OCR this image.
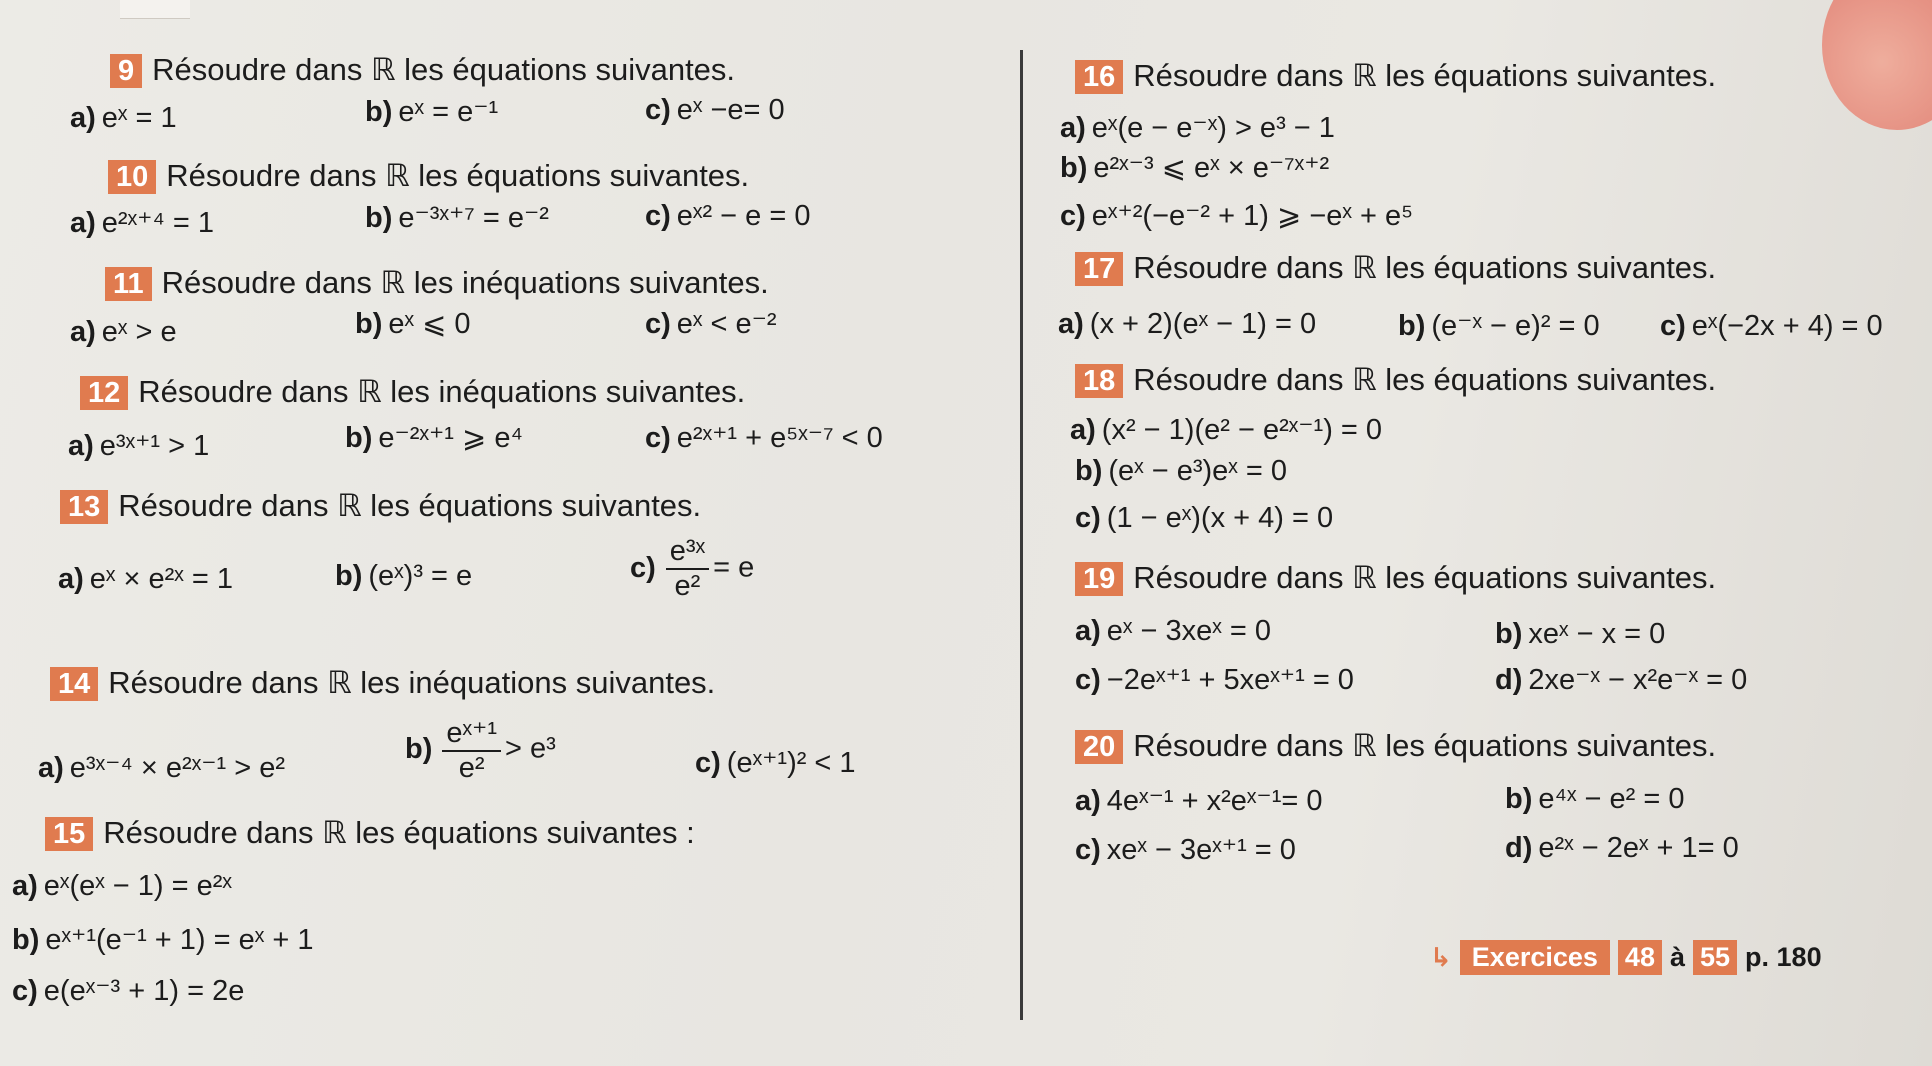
9 Résoudre dans ℝ les équations suivantes.
a) eˣ = 1	b) eˣ = e⁻¹	c) eˣ −e= 0
10 Résoudre dans ℝ les équations suivantes.
a) e²ˣ⁺⁴ = 1	b) e⁻³ˣ⁺⁷ = e⁻²	c) eˣ² − e = 0
11 Résoudre dans ℝ les inéquations suivantes.
a) eˣ > e	b) eˣ ⩽ 0	c) eˣ < e⁻²
12 Résoudre dans ℝ les inéquations suivantes.
a) e³ˣ⁺¹ > 1	b) e⁻²ˣ⁺¹ ⩾ e⁴	c) e²ˣ⁺¹ + e⁵ˣ⁻⁷ < 0
13 Résoudre dans ℝ les équations suivantes.
a) eˣ × e²ˣ = 1	b) (eˣ)³ = e	$c) \frac{\text{e³ˣ}}{\text{e²}} = e$
14 Résoudre dans ℝ les inéquations suivantes.
a) e³ˣ⁻⁴ × e²ˣ⁻¹ > e²
$b) \frac{\text{eˣ⁺¹}}{\text{e²}} > e^3$	c) (eˣ⁺¹)² < 1
15 Résoudre dans ℝ les équations suivantes :
a) eˣ(eˣ − 1) = e²ˣ
b) eˣ⁺¹(e⁻¹ + 1) = eˣ + 1
c) e(eˣ⁻³ + 1) = 2e
16 Résoudre dans ℝ les équations suivantes.
a) eˣ(e − e⁻ˣ) > e³ − 1
b) e²ˣ⁻³ ⩽ eˣ × e⁻⁷ˣ⁺²
c) eˣ⁺²(−e⁻² + 1) ⩾ −eˣ + e⁵
17 Résoudre dans ℝ les équations suivantes.
a) (x + 2)(eˣ − 1) = 0	b) (e⁻ˣ − e)² = 0 c) eˣ(−2x + 4) = 0
18 Résoudre dans ℝ les équations suivantes.
a) (x² − 1)(e² − e²ˣ⁻¹) = 0
b) (eˣ − e³)eˣ = 0
c) (1 − eˣ)(x + 4) = 0
19 Résoudre dans ℝ les équations suivantes.
a) eˣ − 3xeˣ = 0	b) xeˣ − x = 0
c) −2eˣ⁺¹ + 5xeˣ⁺¹ = 0	d) 2xe⁻ˣ − x²e⁻ˣ = 0
20 Résoudre dans ℝ les équations suivantes.
a) 4eˣ⁻¹ + x²eˣ⁻¹= 0	b) e⁴ˣ − e² = 0
c) xeˣ − 3eˣ⁺¹ = 0	d) e²ˣ − 2eˣ + 1= 0
↳ Exercices	48 à 55 p. 180
